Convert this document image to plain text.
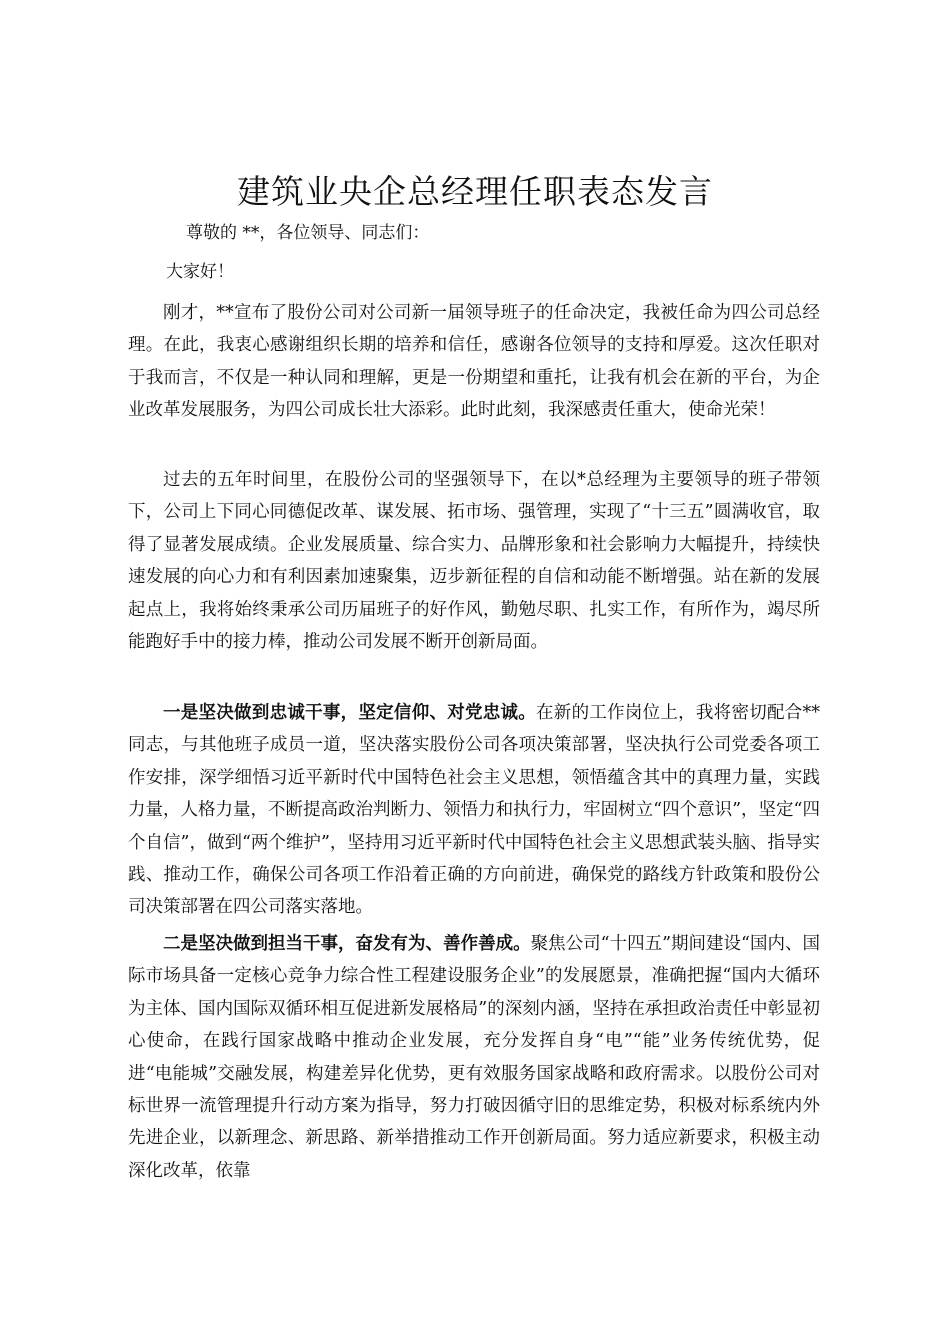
建筑业央企总经理任职表态发言

尊敬的 **，各位领导、同志们：

大家好！

刚才，**宣布了股份公司对公司新一届领导班子的任命决定，我被任命为四公司总经理。在此，我衷心感谢组织长期的培养和信任，感谢各位领导的支持和厚爱。这次任职对于我而言，不仅是一种认同和理解，更是一份期望和重托，让我有机会在新的平台，为企业改革发展服务，为四公司成长壮大添彩。此时此刻，我深感责任重大，使命光荣！

过去的五年时间里，在股份公司的坚强领导下，在以*总经理为主要领导的班子带领下，公司上下同心同德促改革、谋发展、拓市场、强管理，实现了“十三五”圆满收官，取得了显著发展成绩。企业发展质量、综合实力、品牌形象和社会影响力大幅提升，持续快速发展的向心力和有利因素加速聚集，迈步新征程的自信和动能不断增强。站在新的发展起点上，我将始终秉承公司历届班子的好作风，勤勉尽职、扎实工作，有所作为，竭尽所能跑好手中的接力棒，推动公司发展不断开创新局面。

一是坚决做到忠诚干事，坚定信仰、对党忠诚。在新的工作岗位上，我将密切配合**同志，与其他班子成员一道，坚决落实股份公司各项决策部署，坚决执行公司党委各项工作安排，深学细悟习近平新时代中国特色社会主义思想，领悟蕴含其中的真理力量，实践力量，人格力量，不断提高政治判断力、领悟力和执行力，牢固树立“四个意识”，坚定“四个自信”，做到“两个维护”，坚持用习近平新时代中国特色社会主义思想武装头脑、指导实践、推动工作，确保公司各项工作沿着正确的方向前进，确保党的路线方针政策和股份公司决策部署在四公司落实落地。

二是坚决做到担当干事，奋发有为、善作善成。聚焦公司“十四五”期间建设“国内、国际市场具备一定核心竞争力综合性工程建设服务企业”的发展愿景，准确把握“国内大循环为主体、国内国际双循环相互促进新发展格局”的深刻内涵，坚持在承担政治责任中彰显初心使命，在践行国家战略中推动企业发展，充分发挥自身“电”“能”业务传统优势，促进“电能城”交融发展，构建差异化优势，更有效服务国家战略和政府需求。以股份公司对标世界一流管理提升行动方案为指导，努力打破因循守旧的思维定势，积极对标系统内外先进企业，以新理念、新思路、新举措推动工作开创新局面。努力适应新要求，积极主动深化改革，依靠
